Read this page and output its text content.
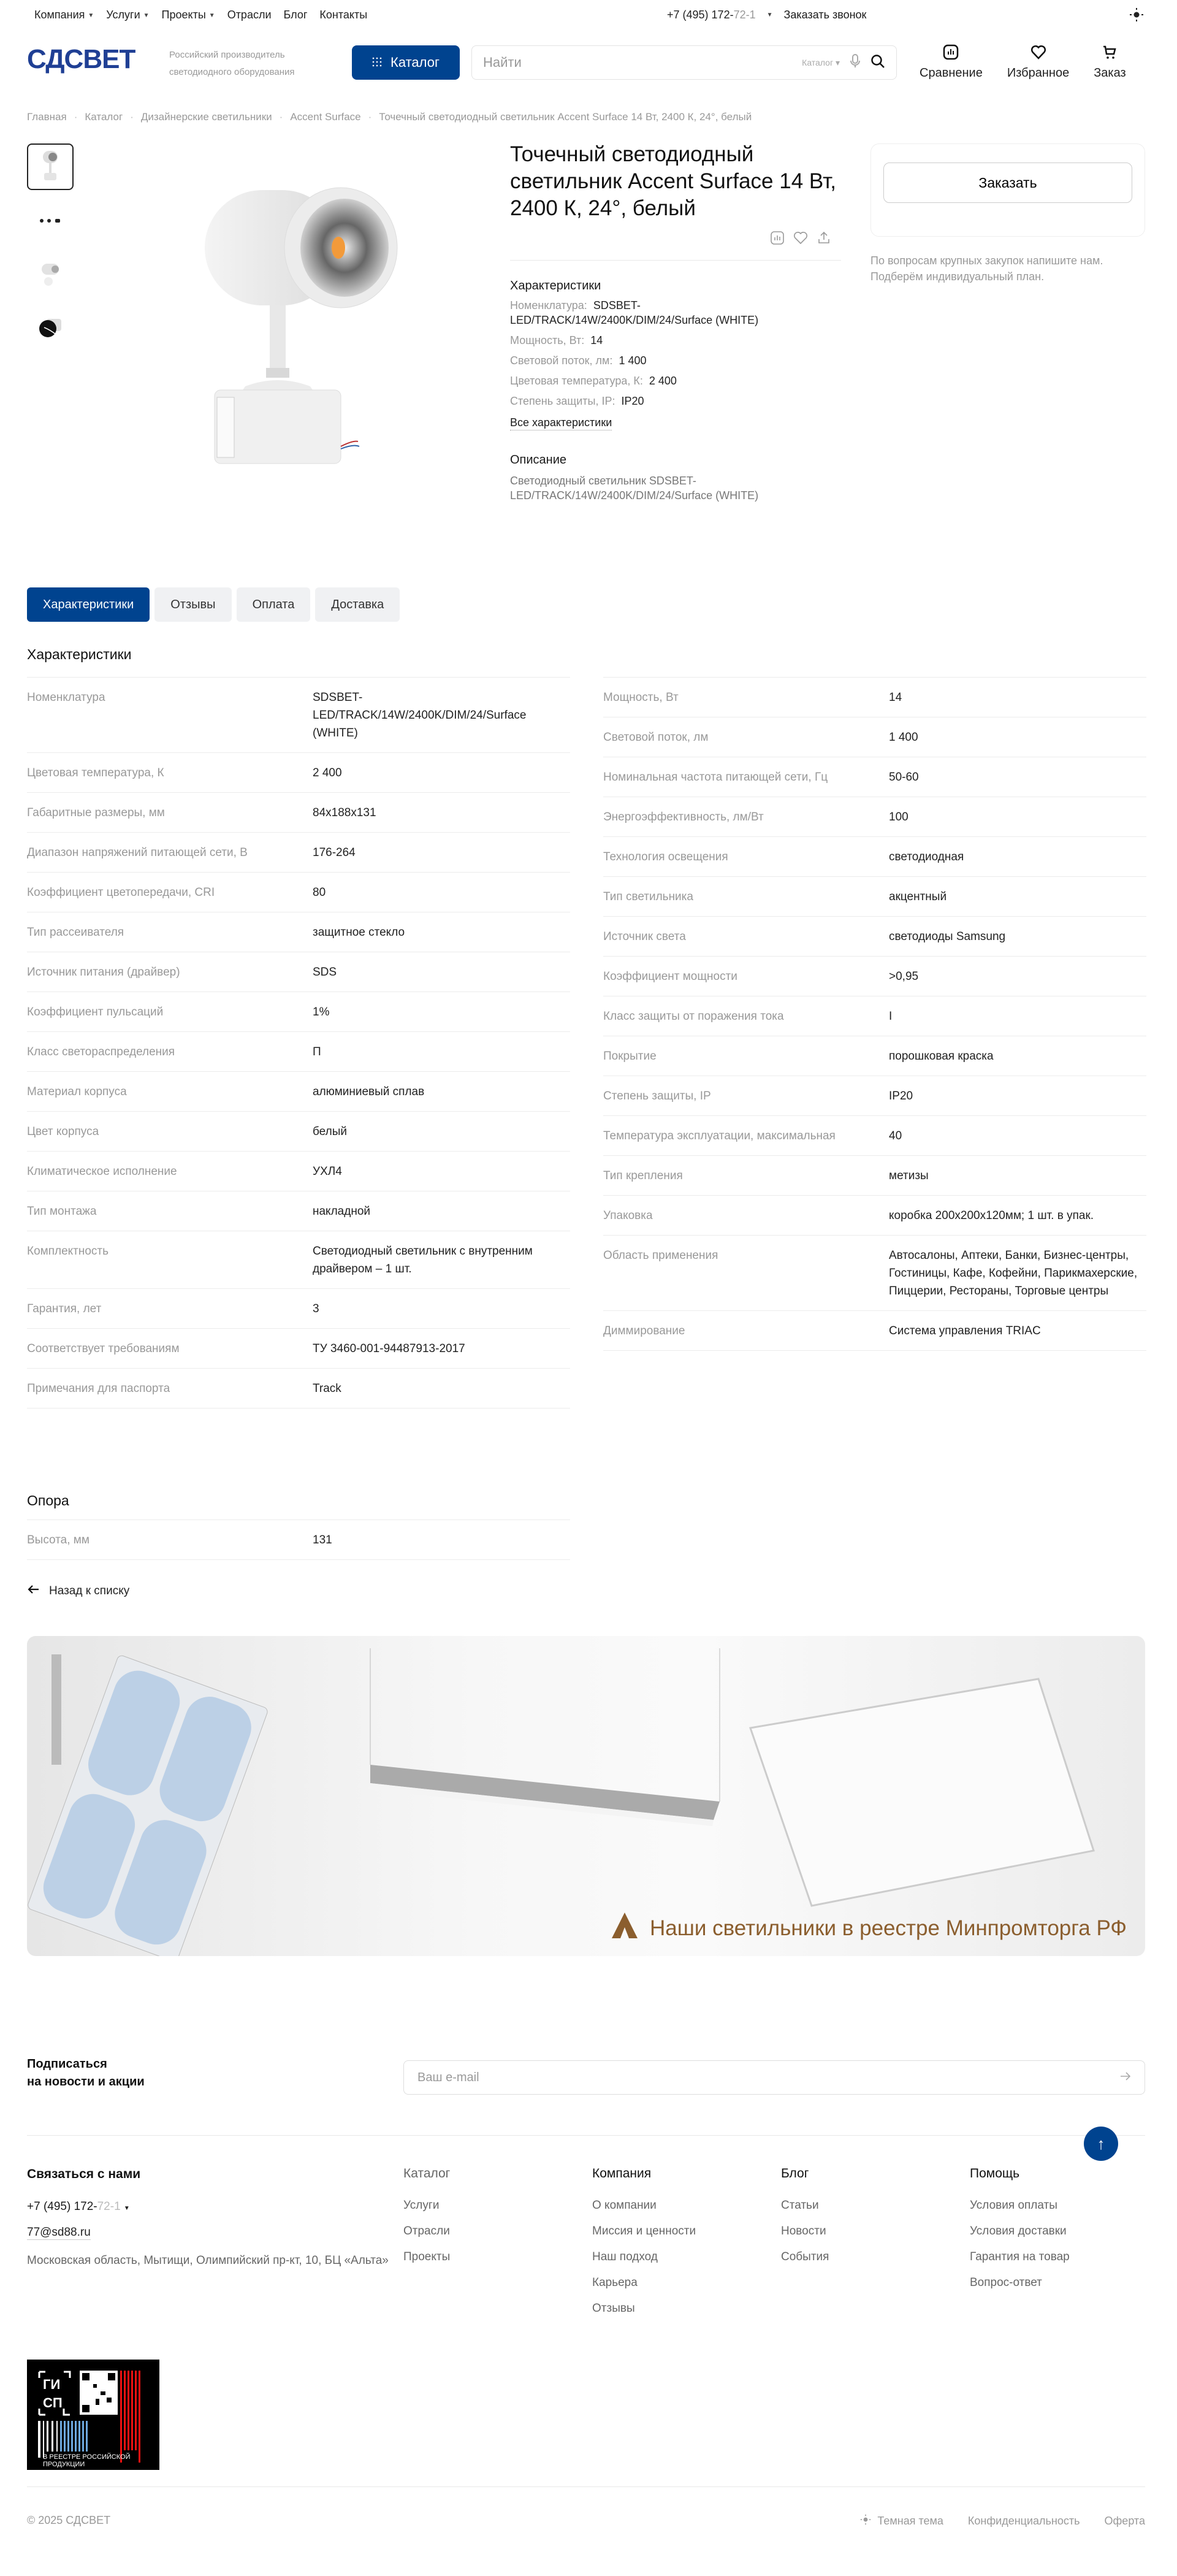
Компания ▼ Услуги ▼ Проекты ▼ Отрасли Блог Контакты	+7 (495) 172-72-1 ▼ Заказать звонок
СДСВЕТ	Российский производитель
светодиодного оборудования
Каталог
Найти	Каталог ▾
Сравнение Избранное Заказ
Главная · Каталог · Дизайнерские светильники · Accent Surface · Точечный светодиодный светильник Accent Surface 14 Вт, 2400 К, 24°, белый
Точечный светодиодный светильник Accent Surface 14 Вт, 2400 К, 24°, белый
Характеристики
Номенклатура: SDSBET-LED/TRACK/14W/2400K/DIM/24/Surface (WHITE)
Мощность, Вт: 14
Световой поток, лм: 1 400
Цветовая температура, К: 2 400
Степень защиты, IP: IP20
Все характеристики
Описание

Светодиодный светильник SDSBET-LED/TRACK/14W/2400K/DIM/24/Surface (WHITE)

Заказать
По вопросам крупных закупок напишите нам. Подберём индивидуальный план.
Характеристики	Отзывы	Оплата	Доставка
Характеристики
Номенклатура	SDSBET-LED/TRACK/14W/2400K/DIM/24/Surface (WHITE)
Цветовая температура, К	2 400
Габаритные размеры, мм	84x188x131
Диапазон напряжений питающей сети, В	176-264
Коэффициент цветопередачи, CRI	80
Тип рассеивателя	защитное стекло
Источник питания (драйвер)	SDS
Коэффициент пульсаций	1%
Класс светораспределения	П
Материал корпуса	алюминиевый сплав
Цвет корпуса	белый
Климатическое исполнение	УХЛ4
Тип монтажа	накладной
Комплектность	Светодиодный светильник с внутренним драйвером – 1 шт.
Гарантия, лет	3
Соответствует требованиям	ТУ 3460-001-94487913-2017
Примечания для паспорта	Track
Мощность, Вт	14
Световой поток, лм	1 400
Номинальная частота питающей сети, Гц	50-60
Энергоэффективность, лм/Вт	100
Технология освещения	светодиодная
Тип светильника	акцентный
Источник света	светодиоды Samsung
Коэффициент мощности	>0,95
Класс защиты от поражения тока	I
Покрытие	порошковая краска
Степень защиты, IP	IP20
Температура эксплуатации, максимальная	40
Тип крепления	метизы
Упаковка	коробка 200x200x120мм; 1 шт. в упак.
Область применения	Автосалоны, Аптеки, Банки, Бизнес-центры, Гостиницы, Кафе, Кофейни, Парикмахерские, Пиццерии, Рестораны, Торговые центры
Диммирование	Система управления TRIAC
Опора
Высота, мм	131
Назад к списку
Наши светильники в реестре Минпромторга РФ
Подписаться
на новости и акции
Ваш e-mail
↑
Связаться с нами
+7 (495) 172-72-1 ▼
77@sd88.ru
Московская область, Мытищи, Олимпийский пр-кт, 10, БЦ «Альта»
Каталог
Услуги
Отрасли
Проекты
Компания
О компании
Миссия и ценности
Наш подход
Карьера
Отзывы
Блог
Статьи
Новости
События
Помощь
Условия оплаты
Условия доставки
Гарантия на товар
Вопрос-ответ
ГИ
СП
В РЕЕСТРЕ РОССИЙСКОЙ
ПРОДУКЦИИ
© 2025 СДСВЕТ	Темная тема Конфиденциальность Оферта
